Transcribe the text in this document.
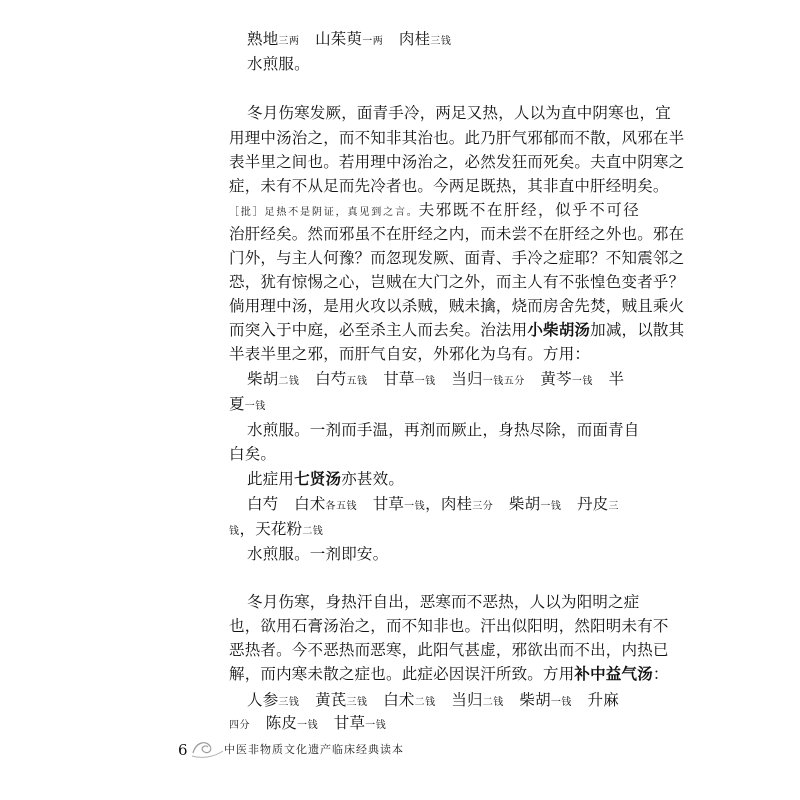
熟地三两　山茱萸一两　肉桂三钱
水煎服。
冬月伤寒发厥，面青手冷，两足又热，人以为直中阴寒也，宜
用理中汤治之，而不知非其治也。此乃肝气邪郁而不散，风邪在半
表半里之间也。若用理中汤治之，必然发狂而死矣。夫直中阴寒之
症，未有不从足而先冷者也。今两足既热，其非直中肝经明矣。
［批］足热不是阴证，真见到之言。夫邪既不在肝经，似乎不可径
治肝经矣。然而邪虽不在肝经之内，而未尝不在肝经之外也。邪在
门外，与主人何豫？而忽现发厥、面青、手冷之症耶？不知震邻之
恐，犹有惊惕之心，岂贼在大门之外，而主人有不张惶色变者乎？
倘用理中汤，是用火攻以杀贼，贼未擒，烧而房舍先焚，贼且乘火
而突入于中庭，必至杀主人而去矣。治法用小柴胡汤加减，以散其
半表半里之邪，而肝气自安，外邪化为乌有。方用：
柴胡二钱　白芍五钱　甘草一钱　当归一钱五分　黄芩一钱　半
夏一钱
水煎服。一剂而手温，再剂而厥止，身热尽除，而面青自
白矣。
此症用七贤汤亦甚效。
白芍　白术各五钱　甘草一钱，肉桂三分　柴胡一钱　丹皮三
钱，天花粉二钱
水煎服。一剂即安。
冬月伤寒，身热汗自出，恶寒而不恶热，人以为阳明之症
也，欲用石膏汤治之，而不知非也。汗出似阳明，然阳明未有不
恶热者。今不恶热而恶寒，此阳气甚虚，邪欲出而不出，内热已
解，而内寒未散之症也。此症必因误汗所致。方用补中益气汤：
人参三钱　黄芪三钱　白术二钱　当归二钱　柴胡一钱　升麻
四分　陈皮一钱　甘草一钱
6	中医非物质文化遗产临床经典读本
